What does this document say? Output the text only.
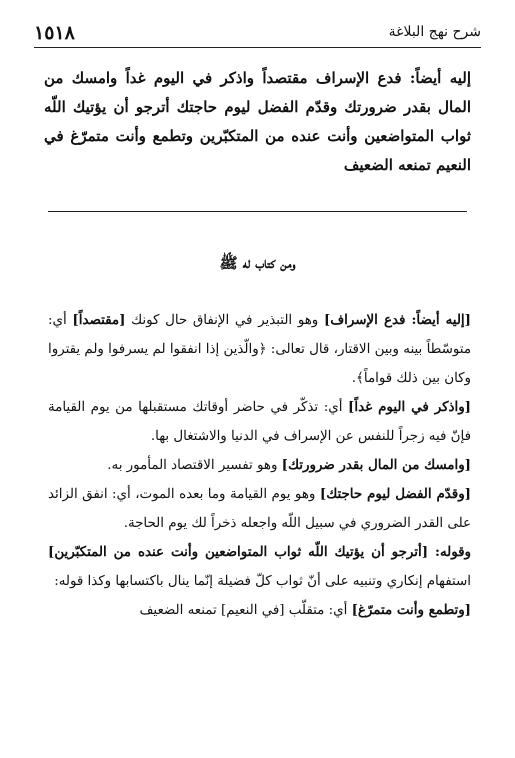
١٥١٨	شرح نهج البلاغة
إليه أيضاً: فدع الإسراف مقتصداً واذكر في اليوم غداً وامسك من المال بقدر ضرورتك وقدّم الفضل ليوم حاجتك أترجو أن يؤتيك اللّه ثواب المتواضعين وأنت عنده من المتكبّرين وتطمع وأنت متمرّغ في النعيم تمنعه الضعيف
ومن كتاب له ﷺ

[إليه أيضاً: فدع الإسراف] وهو التبذير في الإنفاق حال كونك [مقتصداً] أي: متوسّطاً بينه وبين الاقتار، قال تعالى: ﴿والّذين إذا انفقوا لم يسرفوا ولم يقتروا وكان بين ذلك قواماً﴾.

[واذكر في اليوم غداً] أي: تذكّر في حاضر أوقاتك مستقبلها من يوم القيامة فإنّ فيه زجراً للنفس عن الإسراف في الدنيا والاشتغال بها.

[وامسك من المال بقدر ضرورتك] وهو تفسير الاقتصاد المأمور به.

[وقدّم الفضل ليوم حاجتك] وهو يوم القيامة وما بعده الموت، أي: انفق الزائد على القدر الضروري في سبيل اللّه واجعله ذخراً لك يوم الحاجة.

وقوله: [أترجو أن يؤتيك اللّه ثواب المتواضعين وأنت عنده من المتكبّرين] استفهام إنكاري وتنبيه على أنّ ثواب كلّ فضيلة إنّما ينال باكتسابها وكذا قوله:

[وتطمع وأنت متمرّغ] أي: متقلّب [في النعيم] تمنعه الضعيف
